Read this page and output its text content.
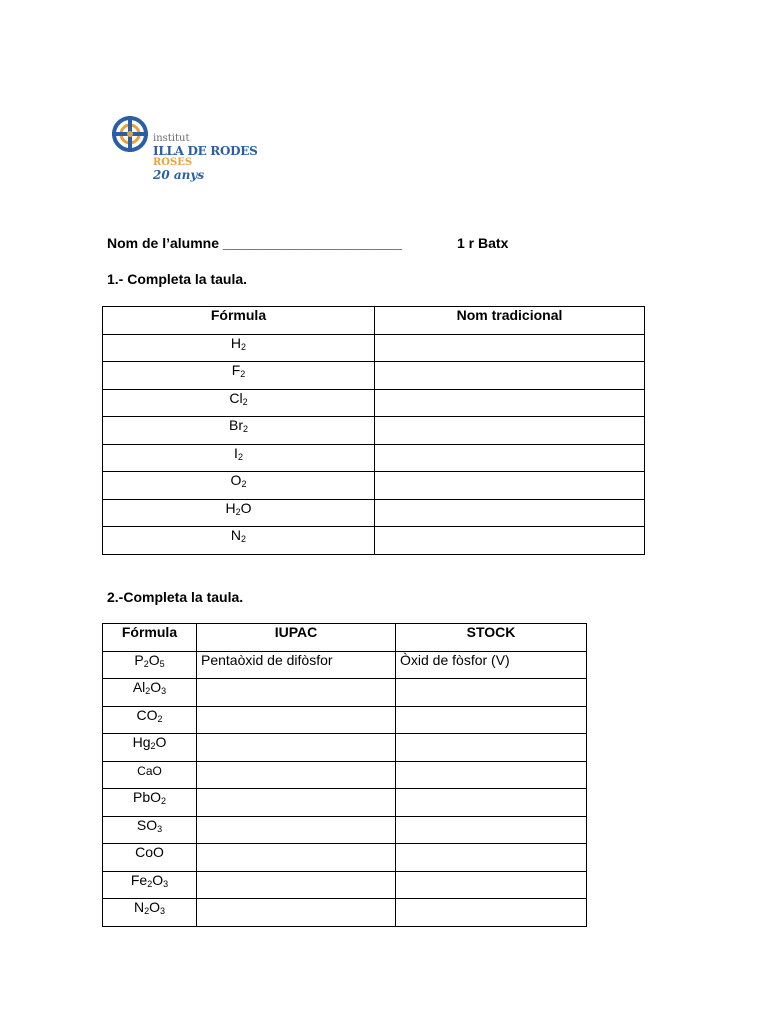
institut
ILLA DE RODES
ROSES
20 anys
Nom de l’alumne _______________________	1 r Batx
1.- Completa la taula.
Fórmula	Nom tradicional
$H_2$	
$F_2$	
$Cl_2$	
$Br_2$	
$I_2$	
$O_2$	
$H_2O$	
$N_2$	
2.-Completa la taula.
Fórmula	IUPAC	STOCK
$P_2O_5$	Pentaòxid de difòsfor	Òxid de fòsfor (V)
$Al_2O_3$		
$CO_2$		
$Hg_2O$		
CaO		
PbO$_2$		
$SO_3$		
CoO		
$Fe_2O_3$		
$N_2O_3$		
